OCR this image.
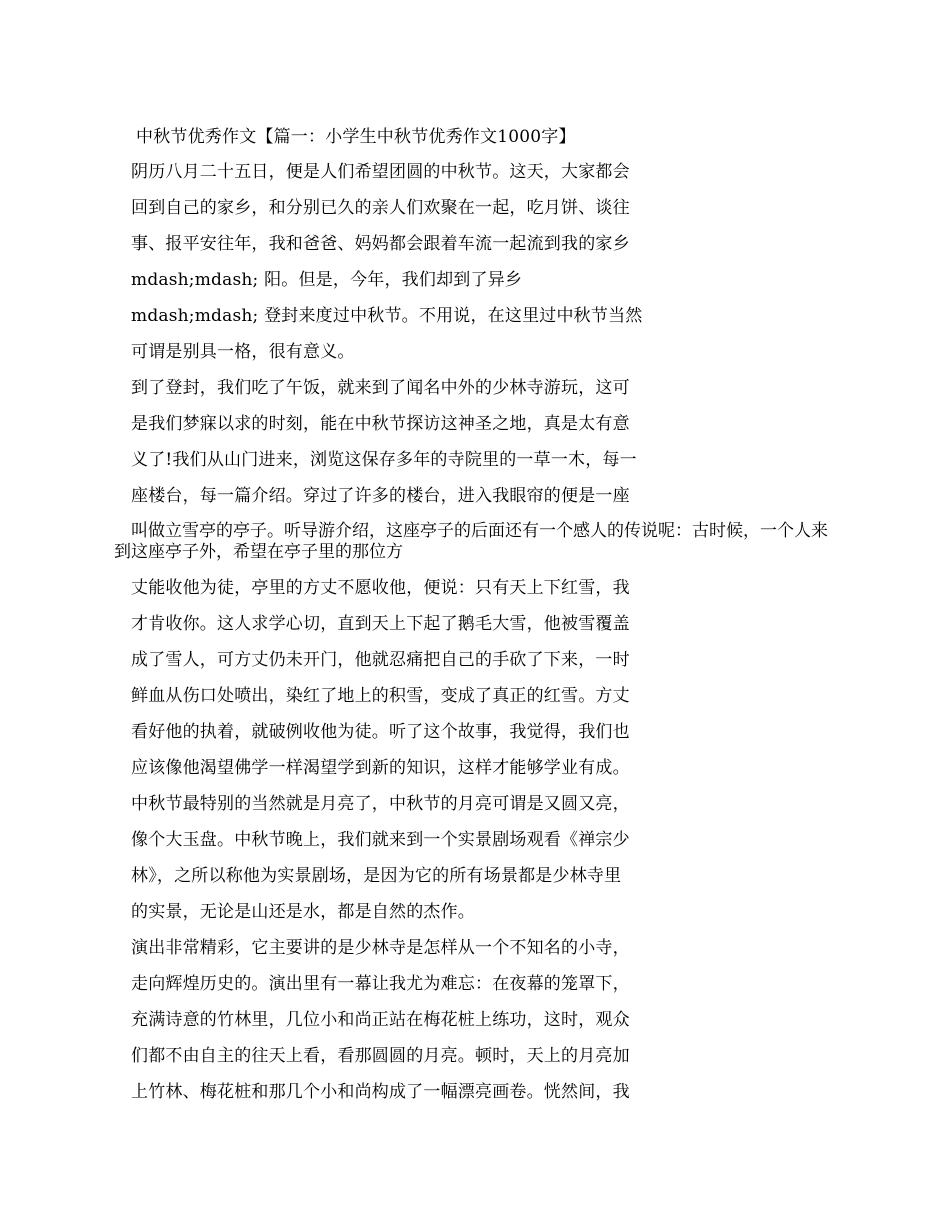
中秋节优秀作文【篇一：小学生中秋节优秀作文1000字】
阴历八月二十五日，便是人们希望团圆的中秋节。这天，大家都会
回到自己的家乡，和分别已久的亲人们欢聚在一起，吃月饼、谈往
事、报平安往年，我和爸爸、妈妈都会跟着车流一起流到我的家乡
mdash;mdash; 阳。但是，今年，我们却到了异乡
mdash;mdash; 登封来度过中秋节。不用说，在这里过中秋节当然
可谓是别具一格，很有意义。
到了登封，我们吃了午饭，就来到了闻名中外的少林寺游玩，这可
是我们梦寐以求的时刻，能在中秋节探访这神圣之地，真是太有意
义了!我们从山门进来，浏览这保存多年的寺院里的一草一木，每一
座楼台，每一篇介绍。穿过了许多的楼台，进入我眼帘的便是一座
叫做立雪亭的亭子。听导游介绍，这座亭子的后面还有一个感人的传说呢：古时候，一个人来到这座亭子外，希望在亭子里的那位方
丈能收他为徒，亭里的方丈不愿收他，便说：只有天上下红雪，我
才肯收你。这人求学心切，直到天上下起了鹅毛大雪，他被雪覆盖
成了雪人，可方丈仍未开门，他就忍痛把自己的手砍了下来，一时
鲜血从伤口处喷出，染红了地上的积雪，变成了真正的红雪。方丈
看好他的执着，就破例收他为徒。听了这个故事，我觉得，我们也
应该像他渴望佛学一样渴望学到新的知识，这样才能够学业有成。
中秋节最特别的当然就是月亮了，中秋节的月亮可谓是又圆又亮，
像个大玉盘。中秋节晚上，我们就来到一个实景剧场观看《禅宗少
林》，之所以称他为实景剧场，是因为它的所有场景都是少林寺里
的实景，无论是山还是水，都是自然的杰作。
演出非常精彩，它主要讲的是少林寺是怎样从一个不知名的小寺，
走向辉煌历史的。演出里有一幕让我尤为难忘：在夜幕的笼罩下，
充满诗意的竹林里，几位小和尚正站在梅花桩上练功，这时，观众
们都不由自主的往天上看，看那圆圆的月亮。顿时，天上的月亮加
上竹林、梅花桩和那几个小和尚构成了一幅漂亮画卷。恍然间，我
